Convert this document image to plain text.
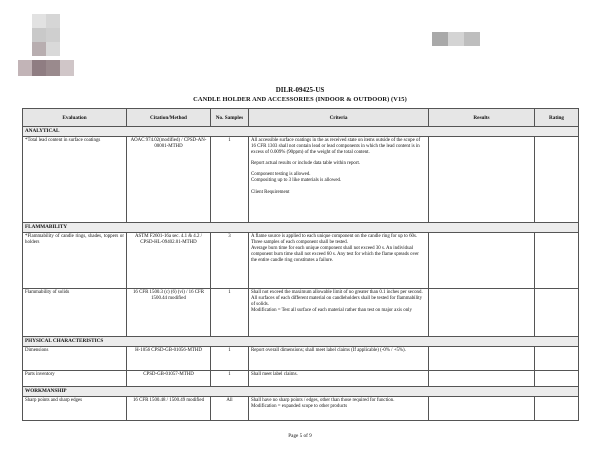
DILR-09425-US
CANDLE HOLDER AND ACCESSORIES (INDOOR & OUTDOOR) (V15)
Evaluation	Citation/Method	No. Samples	Criteria	Results	Rating
ANALYTICAL					
*Total lead content in surface coatings	AOAC 974.02(modified) / CPSD-AN-00001-MTHD	1	All accessible surface coatings in the as received state on items outside of the scope of 16 CFR 1303 shall not contain lead or lead components in which the lead content is in excess of 0.009% (90ppm) of the weight of the total content.

Report actual results or include data table within report.

Component testing is allowed.

Compositing up to 3 like materials is allowed.

Client Requirement		

FLAMMABILITY					
*Flammability of candle rings, shades, toppers or holders	ASTM F2601-16a sec. 4.1 & 4.2 / CPSD-HL-09402.01-MTHD	3	A flame source is applied to each unique component on the candle ring for up to 60s. Three samples of each component shall be tested.

Average burn time for each unique component shall not exceed 30 s. An individual component burn time shall not exceed 60 s. Any test for which the flame spreads over the entire candle ring constitutes a failure.		

Flammability of solids	16 CFR 1500.3 (c) (6) (vi) / 16 CFR 1500.44 modified	1	Shall not exceed the maximum allowable limit of no greater than 0.1 inches per second. All surfaces of each different material on candleholders shall be tested for flammability of solids.

Modification = Test all surface of each material rather than test on major axis only		

PHYSICAL CHARACTERISTICS					
Dimensions	H-1056 CPSD-GB-01056-MTHD	1	Report overall dimensions; shall meet label claims (If applicable) (-0% / +5%).		

Parts inventory	CPSD-GB-01057-MTHD	1	Shall meet label claims.		

WORKMANSHIP					
Sharp points and sharp edges	16 CFR 1500.48 / 1500.49 modified	All	Shall have no sharp points / edges, other than those required for function.

Modification = expanded scope to other products		

Page 5 of 9
